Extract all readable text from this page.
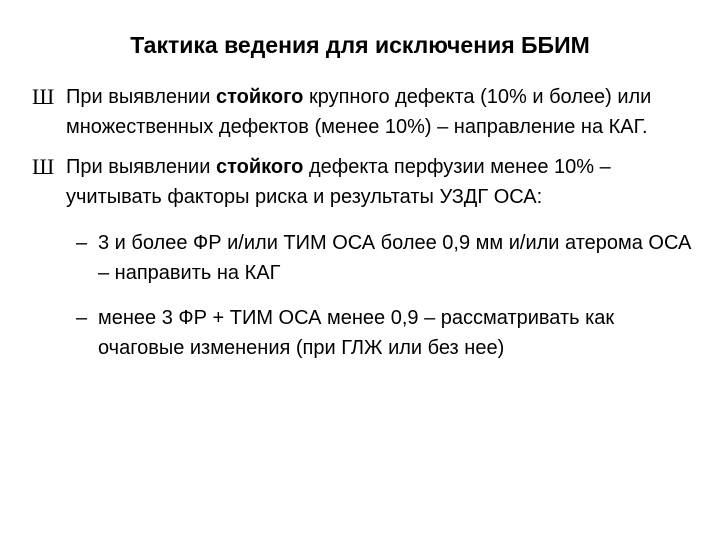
Тактика ведения для исключения ББИМ
Ш При выявлении стойкого крупного дефекта (10% и более) или множественных дефектов (менее 10%) – направление на КАГ.
Ш При выявлении стойкого дефекта перфузии менее 10% – учитывать факторы риска и результаты УЗДГ ОСА:
– 3 и более ФР и/или ТИМ ОСА более 0,9 мм и/или атерома ОСА – направить на КАГ
– менее 3 ФР + ТИМ ОСА менее 0,9 – рассматривать как очаговые изменения (при ГЛЖ или без нее)
